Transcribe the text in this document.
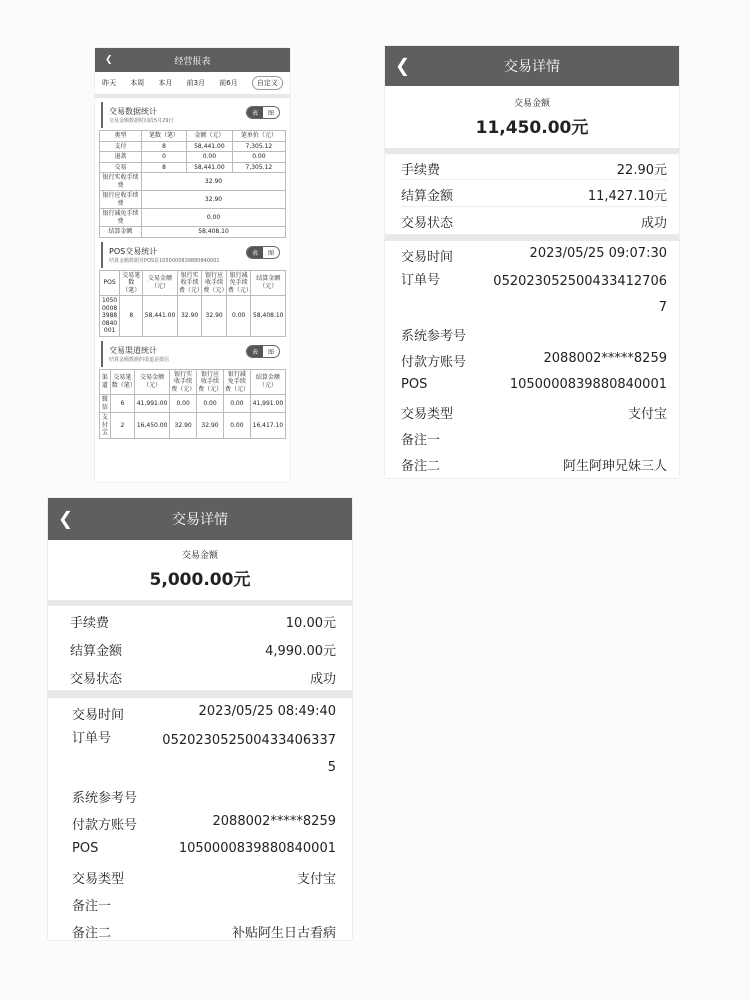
❮	经营报表
昨天 本周 本月 前3月 前6月	自定义
交易数据统计
交易金额数据时间段5月29日
表	图
类型	笔数（笔）	金额（元）	笔单价（元）
支付	8	58,441.00	7,305.12
退款	0	0.00	0.00
交易	8	58,441.00	7,305.12
银行实收手续费	32.90		
银行应收手续费	32.90		
银行减免手续费	0.00		
结算金额	58,408.10		
POS交易统计
结算金额数据对POS是1050000839880840001
表	图
POS	交易笔数（笔）	交易金额（元）	银行实收手续费（元）	银行应收手续费（元）	银行减免手续费（元）	结算金额（元）
1050000839880840001	8	58,441.00	32.90	32.90	0.00	58,408.10
交易渠道统计
结算金额数据的渠道是微信
表	图
渠道	交易笔数（笔）	交易金额（元）	银行实收手续费（元）	银行应收手续费（元）	银行减免手续费（元）	结算金额（元）
微信	6	41,991.00	0.00	0.00	0.00	41,991.00
支付宝	2	16,450.00	32.90	32.90	0.00	16,417.10
❮	交易详情
交易金额
11,450.00元
手续费	22.90元
结算金额	11,427.10元
交易状态	成功
交易时间	2023/05/25 09:07:30
订单号	052023052500433412706
7
系统参考号
付款方账号	2088002*****8259
POS	1050000839880840001
交易类型	支付宝
备注一
备注二	阿生阿珅兄妹三人
❮	交易详情
交易金额
5,000.00元
手续费	10.00元
结算金额	4,990.00元
交易状态	成功
交易时间	2023/05/25 08:49:40
订单号	052023052500433406337
5
系统参考号
付款方账号	2088002*****8259
POS	1050000839880840001
交易类型	支付宝
备注一
备注二	补贴阿生日古看病
